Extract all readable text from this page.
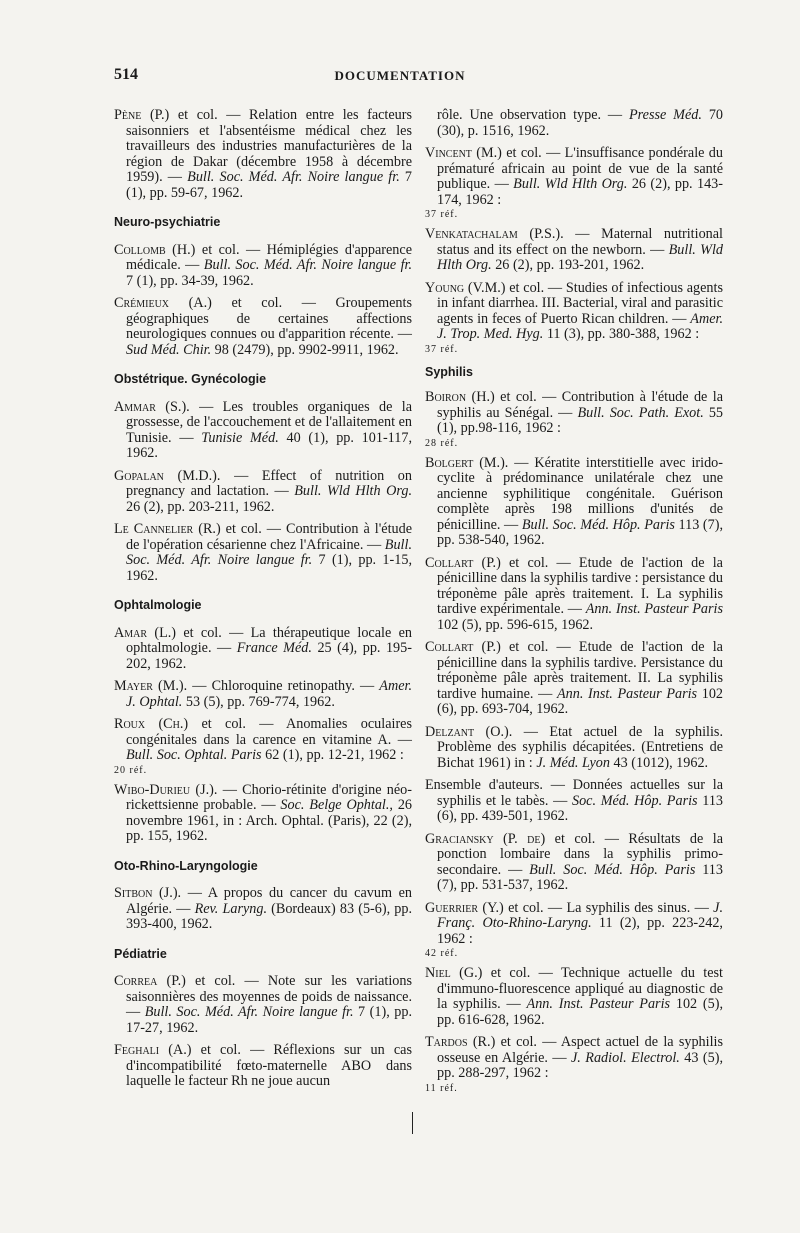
514	DOCUMENTATION

Pène (P.) et col. — Relation entre les facteurs saisonniers et l'absentéisme médical chez les travailleurs des industries manufacturières de la région de Dakar (décembre 1958 à décembre 1959). — Bull. Soc. Méd. Afr. Noire langue fr. 7 (1), pp. 59-67, 1962.

Neuro-psychiatrie

Collomb (H.) et col. — Hémiplégies d'apparence médicale. — Bull. Soc. Méd. Afr. Noire langue fr. 7 (1), pp. 34-39, 1962.

Crémieux (A.) et col. — Groupements géographiques de certaines affections neurologiques connues ou d'apparition récente. — Sud Méd. Chir. 98 (2479), pp. 9902-9911, 1962.

Obstétrique. Gynécologie

Ammar (S.). — Les troubles organiques de la grossesse, de l'accouchement et de l'allaitement en Tunisie. — Tunisie Méd. 40 (1), pp. 101-117, 1962.

Gopalan (M.D.). — Effect of nutrition on pregnancy and lactation. — Bull. Wld Hlth Org. 26 (2), pp. 203-211, 1962.

Le Cannelier (R.) et col. — Contribution à l'étude de l'opération césarienne chez l'Africaine. — Bull. Soc. Méd. Afr. Noire langue fr. 7 (1), pp. 1-15, 1962.

Ophtalmologie

Amar (L.) et col. — La thérapeutique locale en ophtalmologie. — France Méd. 25 (4), pp. 195-202, 1962.

Mayer (M.). — Chloroquine retinopathy. — Amer. J. Ophtal. 53 (5), pp. 769-774, 1962.

Roux (Ch.) et col. — Anomalies oculaires congénitales dans la carence en vitamine A. — Bull. Soc. Ophtal. Paris 62 (1), pp. 12-21, 1962 :
20 réf.

Wibo-Durieu (J.). — Chorio-rétinite d'origine néo-rickettsienne probable. — Soc. Belge Ophtal., 26 novembre 1961, in : Arch. Ophtal. (Paris), 22 (2), pp. 155, 1962.

Oto-Rhino-Laryngologie

Sitbon (J.). — A propos du cancer du cavum en Algérie. — Rev. Laryng. (Bordeaux) 83 (5-6), pp. 393-400, 1962.

Pédiatrie

Correa (P.) et col. — Note sur les variations saisonnières des moyennes de poids de naissance. — Bull. Soc. Méd. Afr. Noire langue fr. 7 (1), pp. 17-27, 1962.

Feghali (A.) et col. — Réflexions sur un cas d'incompatibilité fœto-maternelle ABO dans laquelle le facteur Rh ne joue aucun

rôle. Une observation type. — Presse Méd. 70 (30), p. 1516, 1962.

Vincent (M.) et col. — L'insuffisance pondérale du prématuré africain au point de vue de la santé publique. — Bull. Wld Hlth Org. 26 (2), pp. 143-174, 1962 :
37 réf.

Venkatachalam (P.S.). — Maternal nutritional status and its effect on the newborn. — Bull. Wld Hlth Org. 26 (2), pp. 193-201, 1962.

Young (V.M.) et col. — Studies of infectious agents in infant diarrhea. III. Bacterial, viral and parasitic agents in feces of Puerto Rican children. — Amer. J. Trop. Med. Hyg. 11 (3), pp. 380-388, 1962 :
37 réf.

Syphilis

Boiron (H.) et col. — Contribution à l'étude de la syphilis au Sénégal. — Bull. Soc. Path. Exot. 55 (1), pp.98-116, 1962 :
28 réf.

Bolgert (M.). — Kératite interstitielle avec irido-cyclite à prédominance unilatérale chez une ancienne syphilitique congénitale. Guérison complète après 198 millions d'unités de pénicilline. — Bull. Soc. Méd. Hôp. Paris 113 (7), pp. 538-540, 1962.

Collart (P.) et col. — Etude de l'action de la pénicilline dans la syphilis tardive : persistance du tréponème pâle après traitement. I. La syphilis tardive expérimentale. — Ann. Inst. Pasteur Paris 102 (5), pp. 596-615, 1962.

Collart (P.) et col. — Etude de l'action de la pénicilline dans la syphilis tardive. Persistance du tréponème pâle après traitement. II. La syphilis tardive humaine. — Ann. Inst. Pasteur Paris 102 (6), pp. 693-704, 1962.

Delzant (O.). — Etat actuel de la syphilis. Problème des syphilis décapitées. (Entretiens de Bichat 1961) in : J. Méd. Lyon 43 (1012), 1962.

Ensemble d'auteurs. — Données actuelles sur la syphilis et le tabès. — Soc. Méd. Hôp. Paris 113 (6), pp. 439-501, 1962.

Graciansky (P. de) et col. — Résultats de la ponction lombaire dans la syphilis primo-secondaire. — Bull. Soc. Méd. Hôp. Paris 113 (7), pp. 531-537, 1962.

Guerrier (Y.) et col. — La syphilis des sinus. — J. Franç. Oto-Rhino-Laryng. 11 (2), pp. 223-242, 1962 :
42 réf.

Niel (G.) et col. — Technique actuelle du test d'immuno-fluorescence appliqué au diagnostic de la syphilis. — Ann. Inst. Pasteur Paris 102 (5), pp. 616-628, 1962.

Tardos (R.) et col. — Aspect actuel de la syphilis osseuse en Algérie. — J. Radiol. Electrol. 43 (5), pp. 288-297, 1962 :
11 réf.
